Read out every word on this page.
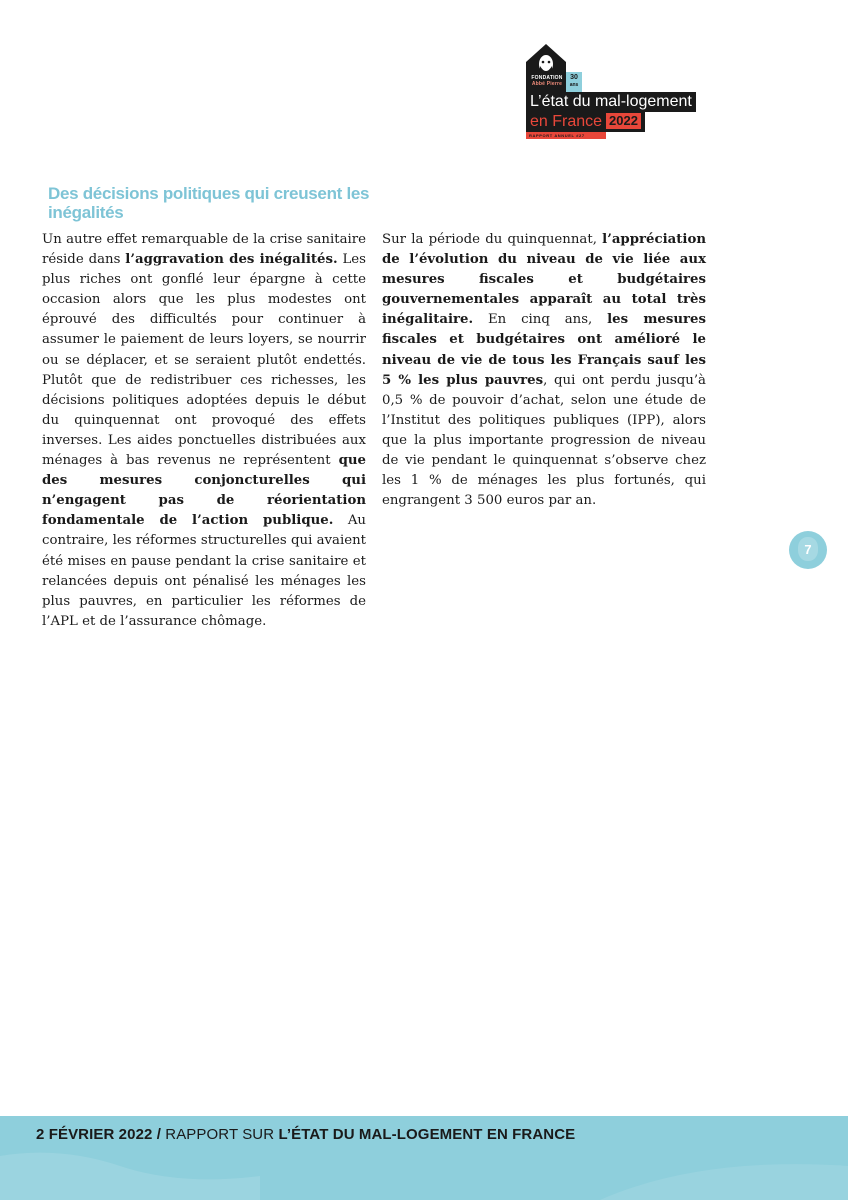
FONDATION
Abbé Pierre
30
ans
L’état du mal-logement
en France 2022
RAPPORT ANNUEL #27
Des décisions politiques qui creusent les inégalités
Un autre effet remarquable de la crise sanitaire réside dans l’aggravation des inégalités. Les plus riches ont gonflé leur épargne à cette occasion alors que les plus modestes ont éprouvé des difficultés pour continuer à assumer le paiement de leurs loyers, se nourrir ou se déplacer, et se seraient plutôt endettés. Plutôt que de redistribuer ces richesses, les décisions politiques adoptées depuis le début du quinquennat ont provoqué des effets inverses. Les aides ponctuelles distribuées aux ménages à bas revenus ne représentent que des mesures conjoncturelles qui n’engagent pas de réorientation fondamentale de l’action publique. Au contraire, les réformes structurelles qui avaient été mises en pause pendant la crise sanitaire et relancées depuis ont pénalisé les ménages les plus pauvres, en particulier les réformes de l’APL et de l’assurance chômage.
Sur la période du quinquennat, l’appréciation de l’évolution du niveau de vie liée aux mesures fiscales et budgétaires gouvernementales apparaît au total très inégalitaire. En cinq ans, les mesures fiscales et budgétaires ont amélioré le niveau de vie de tous les Français sauf les 5 % les plus pauvres, qui ont perdu jusqu’à 0,5 % de pouvoir d’achat, selon une étude de l’Institut des politiques publiques (IPP), alors que la plus importante progression de niveau de vie pendant le quinquennat s’observe chez les 1 % de ménages les plus fortunés, qui engrangent 3 500 euros par an.
7
2 FÉVRIER 2022 / RAPPORT SUR L’ÉTAT DU MAL-LOGEMENT EN FRANCE
